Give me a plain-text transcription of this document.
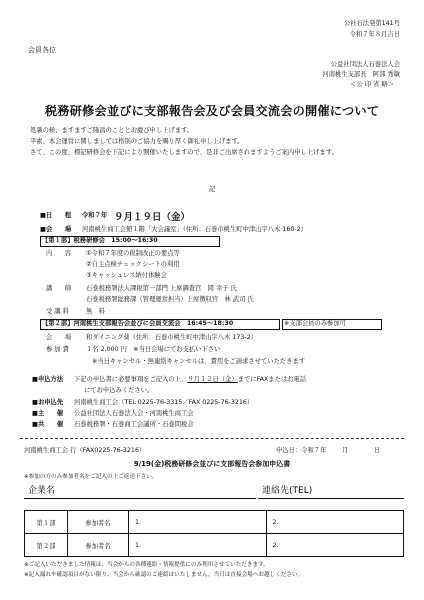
公社石法発第141号
令和７年８月吉日
会員各位
公益社団法人石巻法人会
河南桃生支部長　阿部 秀敏
＜公 印 省 略＞
税務研修会並びに支部報告会及び会員交流会の開催について
処暑の候、ますますご隆昌のこととお慶び申し上げます。
平素、本会運営に関しましては格別のご協力を賜り厚く御礼申し上げます。
さて、この度、標記研修会を下記により開催いたしますので、是非ご出席されますようご案内申し上げます。
記
■日　　程 令和７年 ９月１９日（金）
■会　　場 河南桃生商工会館１階「大会議室」（住所：石巻市桃生町中津山字八木 160-2）
【第１部】税務研修会　15:00～16:30
内　　容 ①令和７年度の税制改正の要点等
②自主点検チェックシートの利用
③キャッシュレス納付体験会
講　　師 石巻税務署法人課税第一部門 上席調査官　岡 幸子 氏
石巻税務署総務課（管理運営担当）上席徴収官　林 武司 氏
受 講 料	無　料
【第２部】河南桃生支部報告会並びに会員交流会　16:45～18:30	※支部会員のみ参加可
会　　場 和ダイニング葵（住所：石巻市桃生町中津山字八木 173-2）
参 加 費	１名 2,000 円　※当日会場にてお支払い下さい
※当日キャンセル・無連絡キャンセルは、費用をご請求させていただきます
■申込方法 下記の申込書に必要事項をご記入の上、９月１２日（金）までにFAXまたはお電話
にてお申込みください。
■お申込先 河南桃生商工会（TEL 0225-76-3315／FAX 0225-76-3216）
■主　　催 公益社団法人石巻法人会・河南桃生商工会
■共　　催 石巻税務署・石巻商工会議所・石巻間税会
河南桃生商工会 行（FAX0225-76-3216）	申込日：令和７年 月	日
9/19(金)税務研修会並びに支部報告会参加申込書
※参加の方のみ参加者名をご記入の上ご返送下さい。
企業名	連絡先(TEL)
第１部	参加者名	1.	2.
第２部	参加者名	1.	2.
※ご記入いただきました情報は、当会からの各種連絡・情報提供にのみ利用させていただきます。
※記入漏れや確認項目がない限り、当会から確認のご連絡はいたしません。当日は直接会場へお越しください。
